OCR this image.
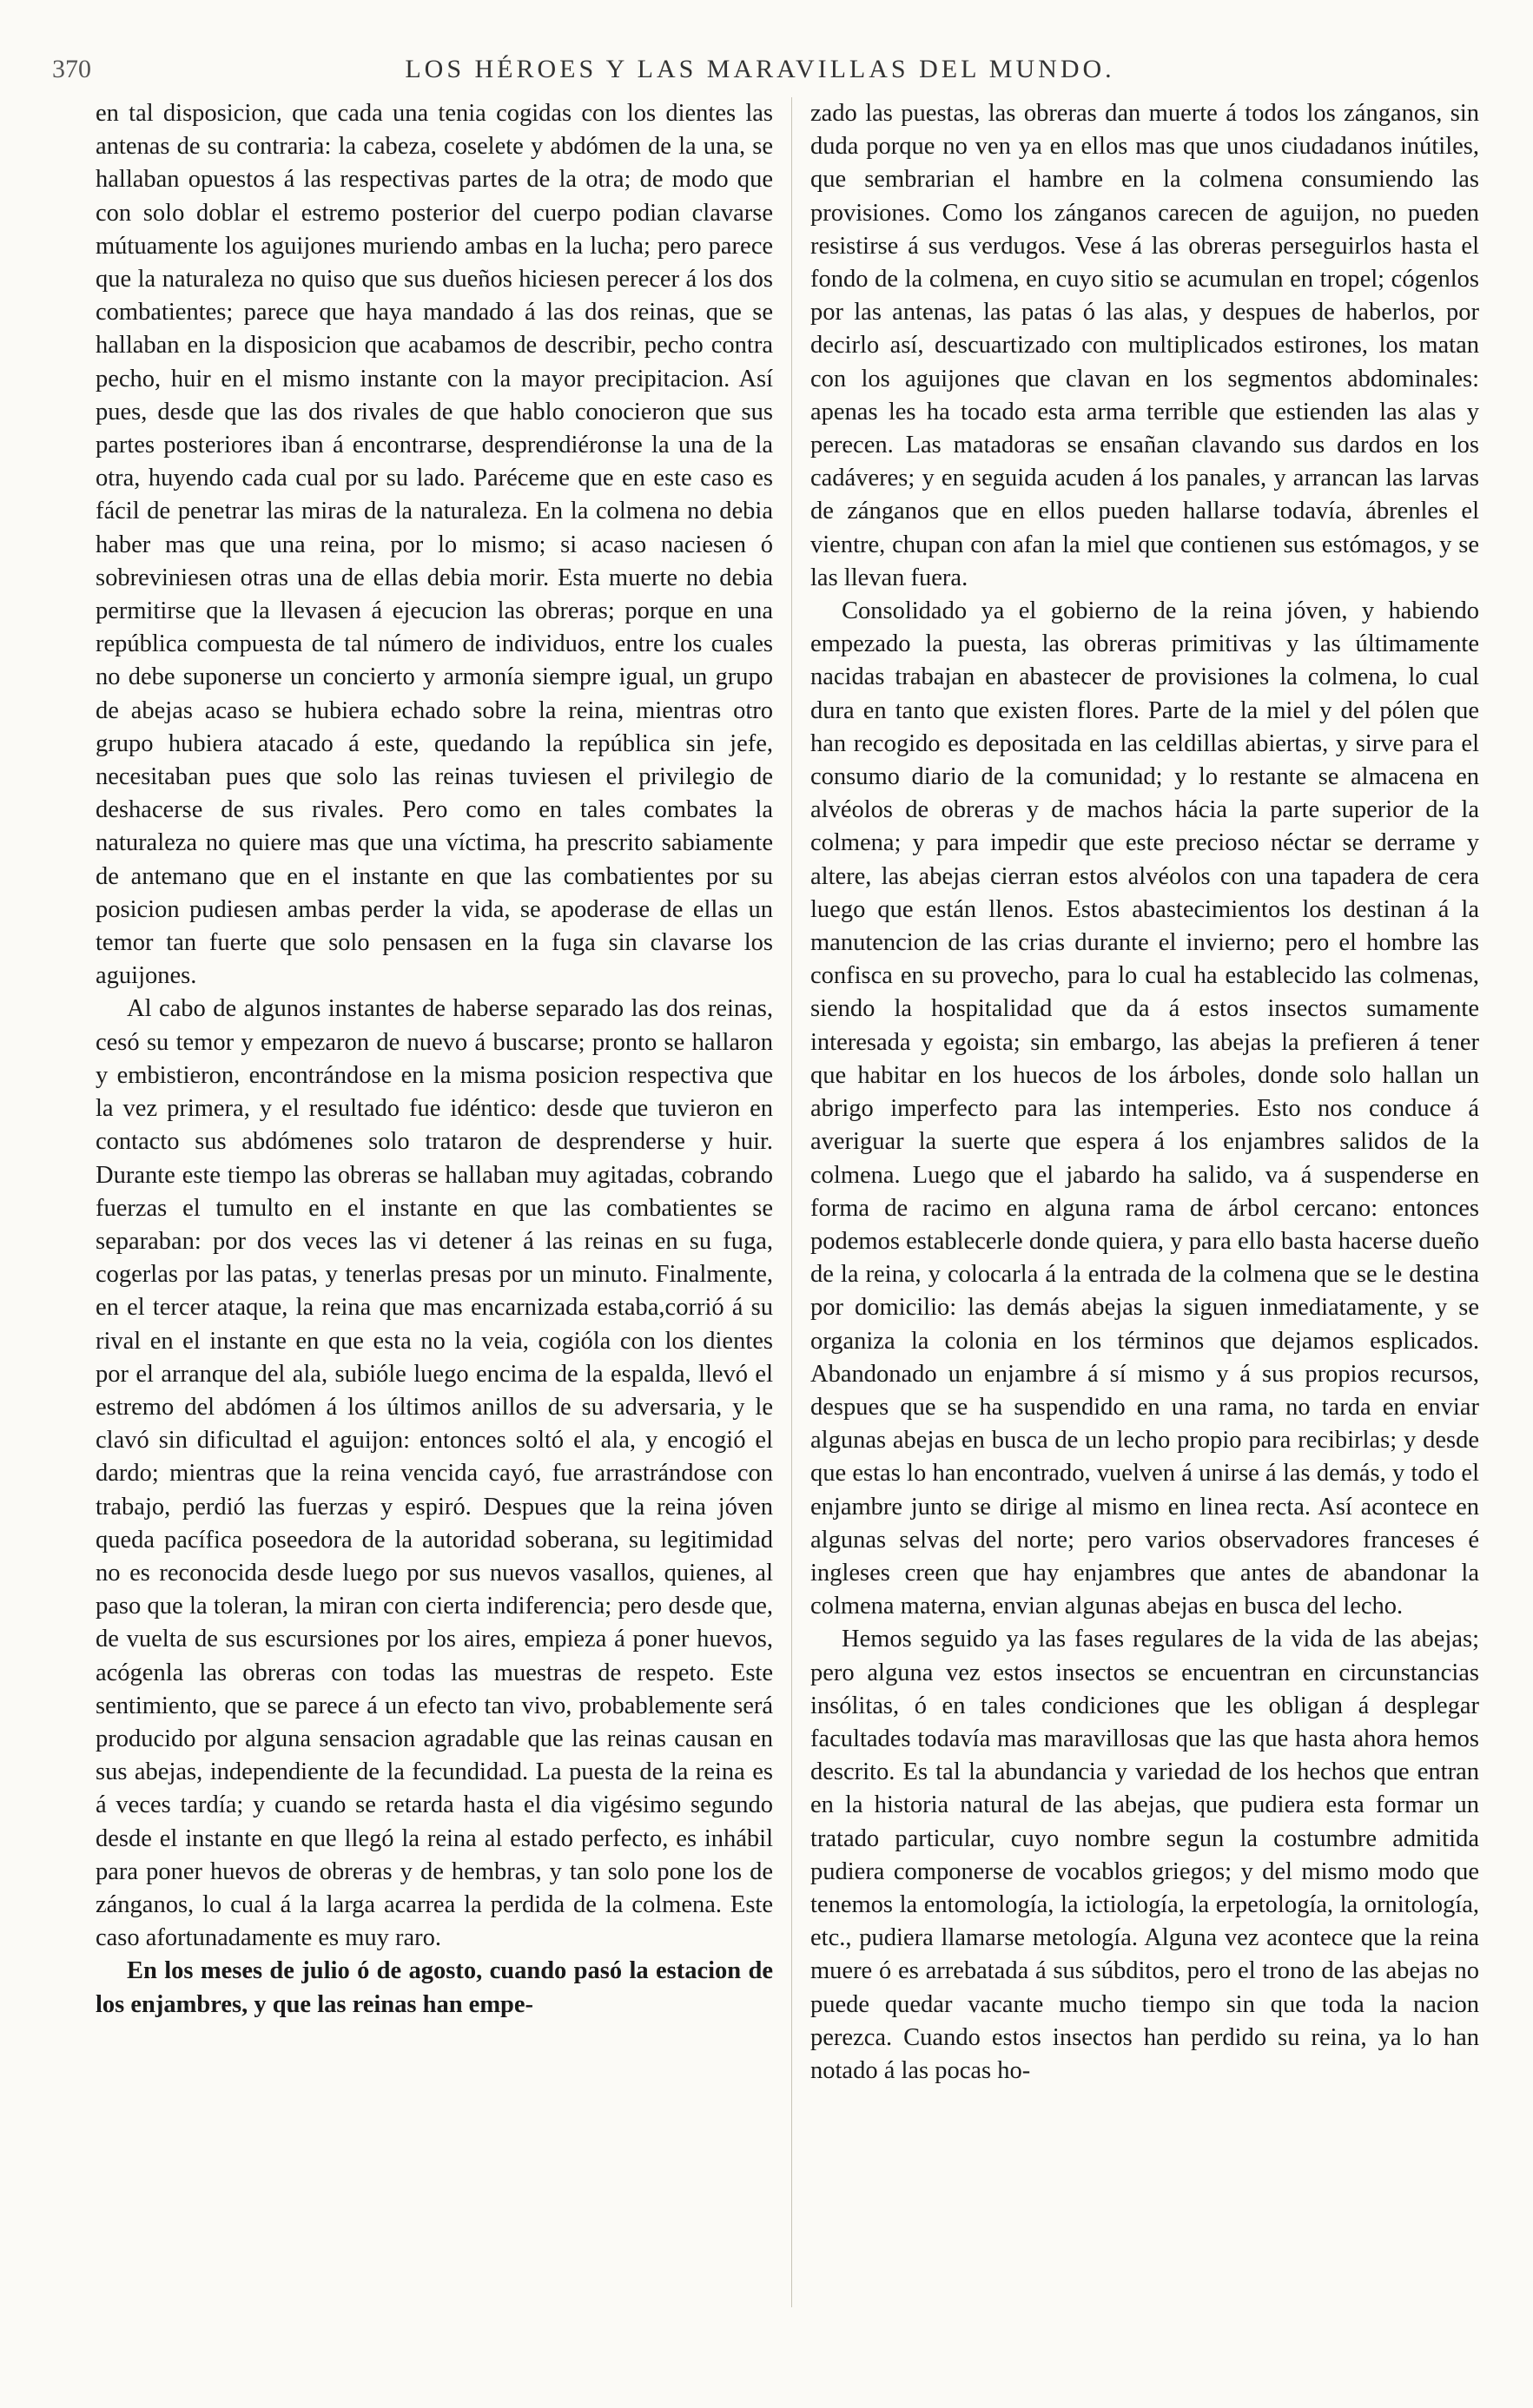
370	LOS HÉROES Y LAS MARAVILLAS DEL MUNDO.

en tal disposicion, que cada una tenia cogidas con los dientes las antenas de su contraria: la cabeza, coselete y abdómen de la una, se hallaban opuestos á las respectivas partes de la otra; de modo que con solo doblar el estremo posterior del cuerpo podian clavarse mútuamente los aguijones muriendo ambas en la lucha; pero parece que la naturaleza no quiso que sus dueños hiciesen perecer á los dos combatientes; parece que haya mandado á las dos reinas, que se hallaban en la disposicion que acabamos de describir, pecho contra pecho, huir en el mismo instante con la mayor precipitacion. Así pues, desde que las dos rivales de que hablo conocieron que sus partes posteriores iban á encontrarse, desprendiéronse la una de la otra, huyendo cada cual por su lado. Paréceme que en este caso es fácil de penetrar las miras de la naturaleza. En la colmena no debia haber mas que una reina, por lo mismo; si acaso naciesen ó sobreviniesen otras una de ellas debia morir. Esta muerte no debia permitirse que la llevasen á ejecucion las obreras; porque en una república compuesta de tal número de individuos, entre los cuales no debe suponerse un concierto y armonía siempre igual, un grupo de abejas acaso se hubiera echado sobre la reina, mientras otro grupo hubiera atacado á este, quedando la república sin jefe, necesitaban pues que solo las reinas tuviesen el privilegio de deshacerse de sus rivales. Pero como en tales combates la naturaleza no quiere mas que una víctima, ha prescrito sabiamente de antemano que en el instante en que las combatientes por su posicion pudiesen ambas perder la vida, se apoderase de ellas un temor tan fuerte que solo pensasen en la fuga sin clavarse los aguijones.

Al cabo de algunos instantes de haberse separado las dos reinas, cesó su temor y empezaron de nuevo á buscarse; pronto se hallaron y embistieron, encontrándose en la misma posicion respectiva que la vez primera, y el resultado fue idéntico: desde que tuvieron en contacto sus abdómenes solo trataron de desprenderse y huir. Durante este tiempo las obreras se hallaban muy agitadas, cobrando fuerzas el tumulto en el instante en que las combatientes se separaban: por dos veces las vi detener á las reinas en su fuga, cogerlas por las patas, y tenerlas presas por un minuto. Finalmente, en el tercer ataque, la reina que mas encarnizada estaba,corrió á su rival en el instante en que esta no la veia, cogióla con los dientes por el arranque del ala, subióle luego encima de la espalda, llevó el estremo del abdómen á los últimos anillos de su adversaria, y le clavó sin dificultad el aguijon: entonces soltó el ala, y encogió el dardo; mientras que la reina vencida cayó, fue arrastrándose con trabajo, perdió las fuerzas y espiró. Despues que la reina jóven queda pacífica poseedora de la autoridad soberana, su legitimidad no es reconocida desde luego por sus nuevos vasallos, quienes, al paso que la toleran, la miran con cierta indiferencia; pero desde que, de vuelta de sus escursiones por los aires, empieza á poner huevos, acógenla las obreras con todas las muestras de respeto. Este sentimiento, que se parece á un efecto tan vivo, probablemente será producido por alguna sensacion agradable que las reinas causan en sus abejas, independiente de la fecundidad. La puesta de la reina es á veces tardía; y cuando se retarda hasta el dia vigésimo segundo desde el instante en que llegó la reina al estado perfecto, es inhábil para poner huevos de obreras y de hembras, y tan solo pone los de zánganos, lo cual á la larga acarrea la perdida de la colmena. Este caso afortunadamente es muy raro.

En los meses de julio ó de agosto, cuando pasó la estacion de los enjambres, y que las reinas han empe-

zado las puestas, las obreras dan muerte á todos los zánganos, sin duda porque no ven ya en ellos mas que unos ciudadanos inútiles, que sembrarian el hambre en la colmena consumiendo las provisiones. Como los zánganos carecen de aguijon, no pueden resistirse á sus verdugos. Vese á las obreras perseguirlos hasta el fondo de la colmena, en cuyo sitio se acumulan en tropel; cógenlos por las antenas, las patas ó las alas, y despues de haberlos, por decirlo así, descuartizado con multiplicados estirones, los matan con los aguijones que clavan en los segmentos abdominales: apenas les ha tocado esta arma terrible que estienden las alas y perecen. Las matadoras se ensañan clavando sus dardos en los cadáveres; y en seguida acuden á los panales, y arrancan las larvas de zánganos que en ellos pueden hallarse todavía, ábrenles el vientre, chupan con afan la miel que contienen sus estómagos, y se las llevan fuera.

Consolidado ya el gobierno de la reina jóven, y habiendo empezado la puesta, las obreras primitivas y las últimamente nacidas trabajan en abastecer de provisiones la colmena, lo cual dura en tanto que existen flores. Parte de la miel y del pólen que han recogido es depositada en las celdillas abiertas, y sirve para el consumo diario de la comunidad; y lo restante se almacena en alvéolos de obreras y de machos hácia la parte superior de la colmena; y para impedir que este precioso néctar se derrame y altere, las abejas cierran estos alvéolos con una tapadera de cera luego que están llenos. Estos abastecimientos los destinan á la manutencion de las crias durante el invierno; pero el hombre las confisca en su provecho, para lo cual ha establecido las colmenas, siendo la hospitalidad que da á estos insectos sumamente interesada y egoista; sin embargo, las abejas la prefieren á tener que habitar en los huecos de los árboles, donde solo hallan un abrigo imperfecto para las intemperies. Esto nos conduce á averiguar la suerte que espera á los enjambres salidos de la colmena. Luego que el jabardo ha salido, va á suspenderse en forma de racimo en alguna rama de árbol cercano: entonces podemos establecerle donde quiera, y para ello basta hacerse dueño de la reina, y colocarla á la entrada de la colmena que se le destina por domicilio: las demás abejas la siguen inmediatamente, y se organiza la colonia en los términos que dejamos esplicados. Abandonado un enjambre á sí mismo y á sus propios recursos, despues que se ha suspendido en una rama, no tarda en enviar algunas abejas en busca de un lecho propio para recibirlas; y desde que estas lo han encontrado, vuelven á unirse á las demás, y todo el enjambre junto se dirige al mismo en linea recta. Así acontece en algunas selvas del norte; pero varios observadores franceses é ingleses creen que hay enjambres que antes de abandonar la colmena materna, envian algunas abejas en busca del lecho.

Hemos seguido ya las fases regulares de la vida de las abejas; pero alguna vez estos insectos se encuentran en circunstancias insólitas, ó en tales condiciones que les obligan á desplegar facultades todavía mas maravillosas que las que hasta ahora hemos descrito. Es tal la abundancia y variedad de los hechos que entran en la historia natural de las abejas, que pudiera esta formar un tratado particular, cuyo nombre segun la costumbre admitida pudiera componerse de vocablos griegos; y del mismo modo que tenemos la entomología, la ictiología, la erpetología, la ornitología, etc., pudiera llamarse metología. Alguna vez acontece que la reina muere ó es arrebatada á sus súbditos, pero el trono de las abejas no puede quedar vacante mucho tiempo sin que toda la nacion perezca. Cuando estos insectos han perdido su reina, ya lo han notado á las pocas ho-
